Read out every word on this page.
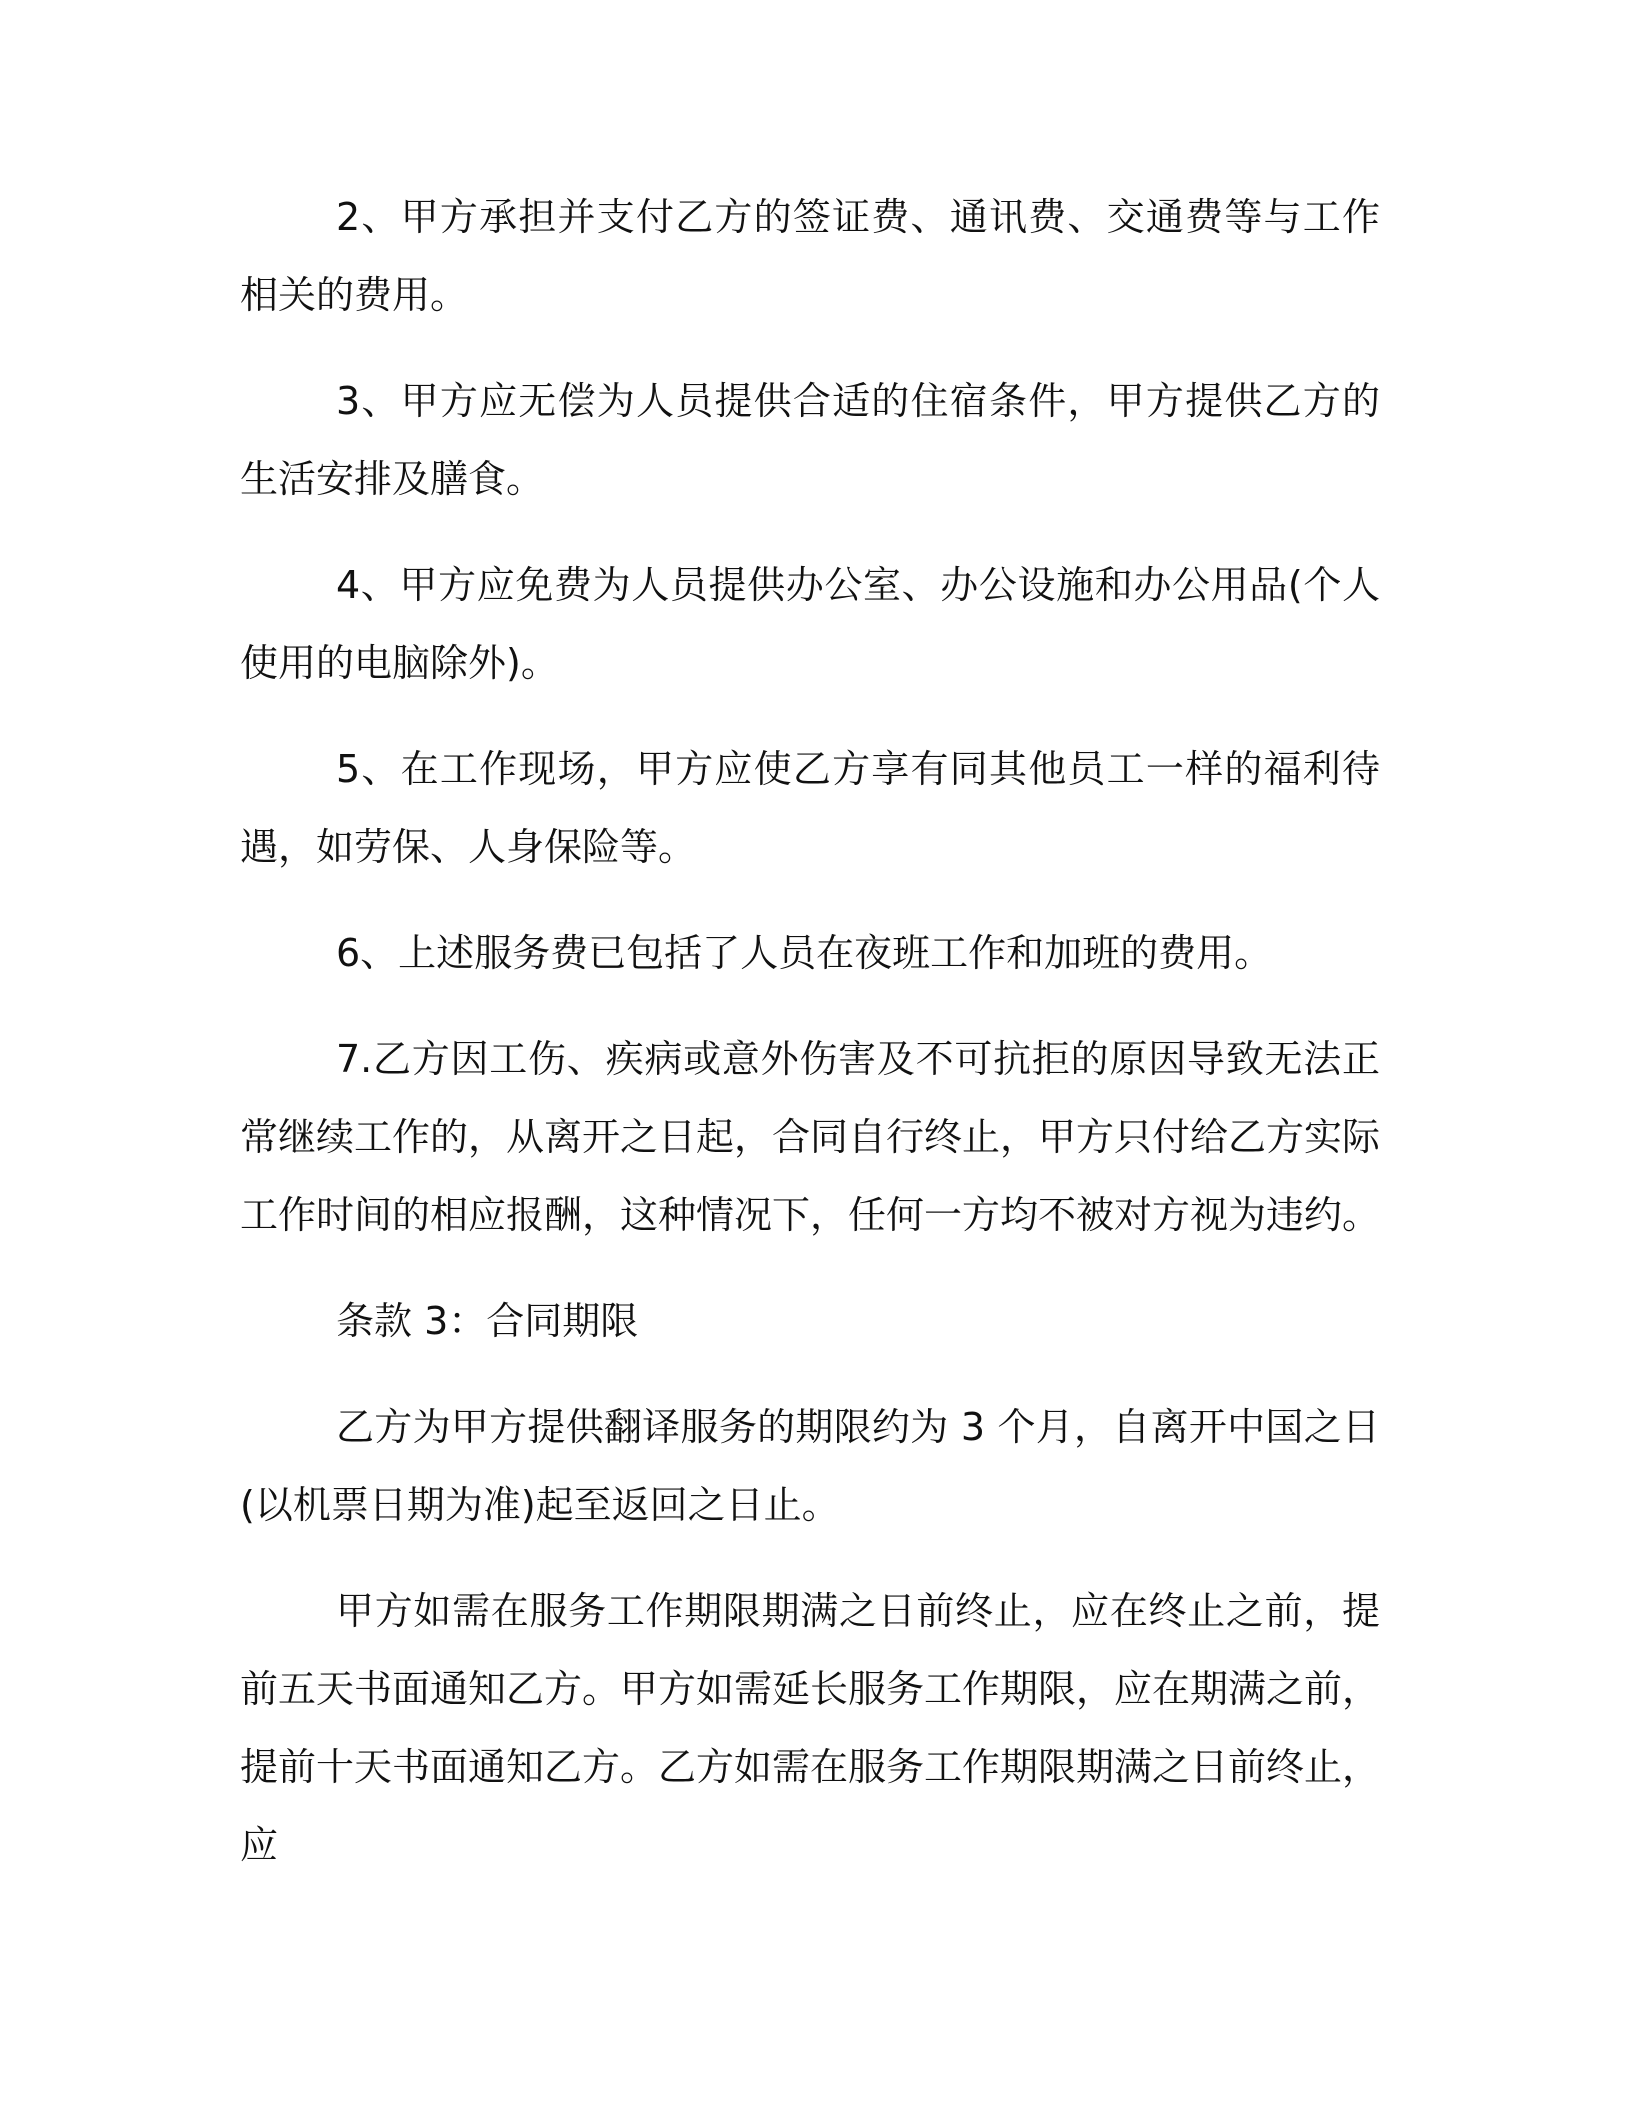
2、甲方承担并支付乙方的签证费、通讯费、交通费等与工作相关的费用。

3、甲方应无偿为人员提供合适的住宿条件，甲方提供乙方的生活安排及膳食。

4、甲方应免费为人员提供办公室、办公设施和办公用品(个人使用的电脑除外)。

5、在工作现场，甲方应使乙方享有同其他员工一样的福利待遇，如劳保、人身保险等。

6、上述服务费已包括了人员在夜班工作和加班的费用。

7.乙方因工伤、疾病或意外伤害及不可抗拒的原因导致无法正常继续工作的，从离开之日起，合同自行终止，甲方只付给乙方实际工作时间的相应报酬，这种情况下，任何一方均不被对方视为违约。

条款 3：合同期限

乙方为甲方提供翻译服务的期限约为 3 个月，自离开中国之日(以机票日期为准)起至返回之日止。

甲方如需在服务工作期限期满之日前终止，应在终止之前，提前五天书面通知乙方。甲方如需延长服务工作期限，应在期满之前，提前十天书面通知乙方。乙方如需在服务工作期限期满之日前终止，应
